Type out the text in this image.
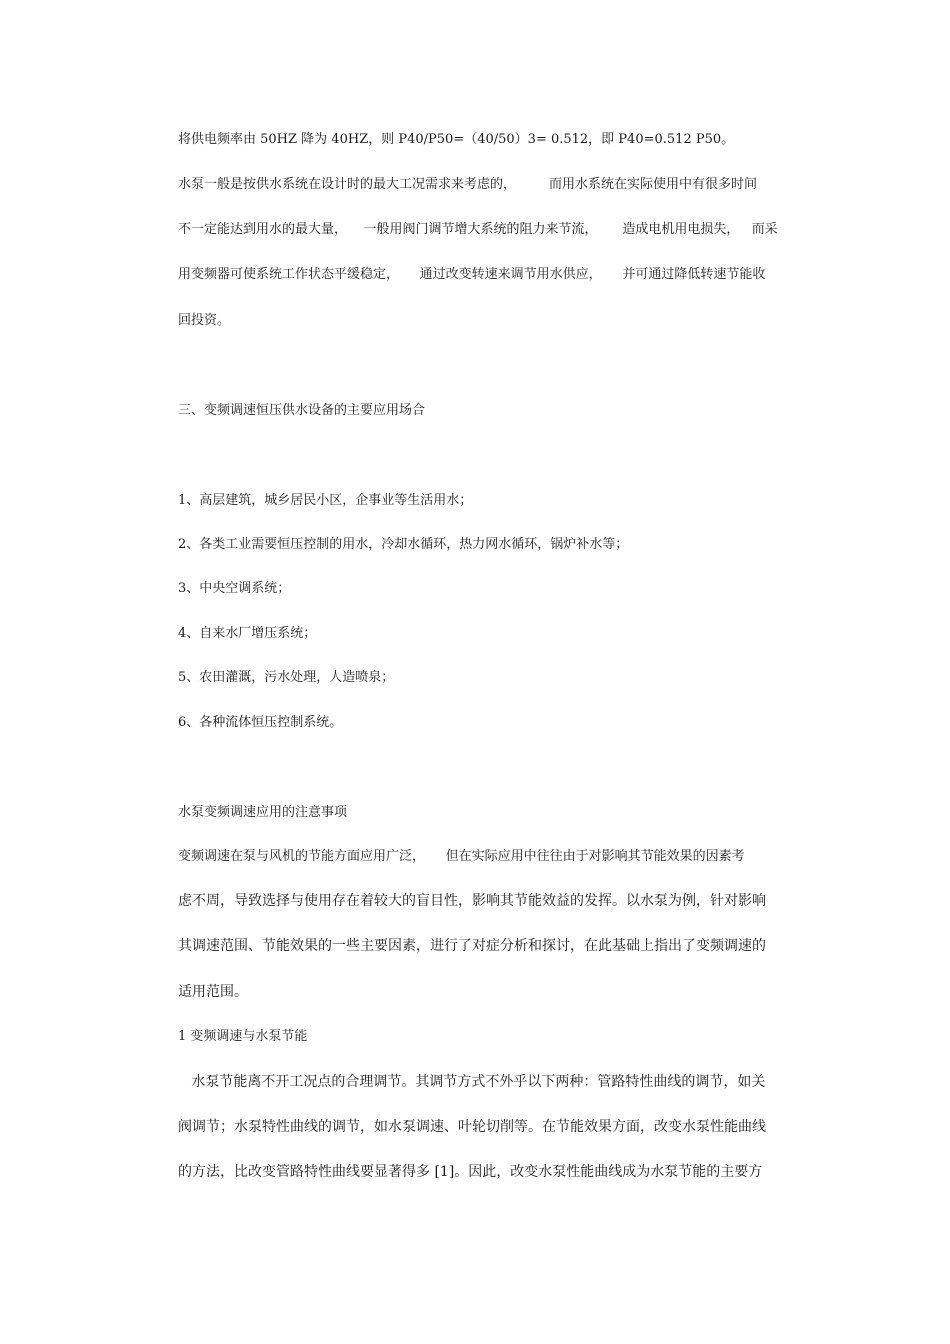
将供电频率由 50HZ 降为 40HZ，则 P40/P50=（40/50）3= 0.512，即 P40=0.512 P50。
水泵一般是按供水系统在设计时的最大工况需求来考虑的，        而用水系统在实际使用中有很多时间
不一定能达到用水的最大量，    一般用阀门调节增大系统的阻力来节流，      造成电机用电损失，   而采
用变频器可使系统工作状态平缓稳定，     通过改变转速来调节用水供应，     并可通过降低转速节能收
回投资。
三、变频调速恒压供水设备的主要应用场合
1、高层建筑，城乡居民小区，企事业等生活用水；
2、各类工业需要恒压控制的用水，冷却水循环，热力网水循环，锅炉补水等；
3、中央空调系统；
4、自来水厂增压系统；
5、农田灌溉，污水处理，人造喷泉；
6、各种流体恒压控制系统。
水泵变频调速应用的注意事项
变频调速在泵与风机的节能方面应用广泛，     但在实际应用中往往由于对影响其节能效果的因素考
虑不周，导致选择与使用存在着较大的盲目性，影响其节能效益的发挥。以水泵为例，针对影响
其调速范围、节能效果的一些主要因素，进行了对症分析和探讨，在此基础上指出了变频调速的
适用范围。
1 变频调速与水泵节能
水泵节能离不开工况点的合理调节。其调节方式不外乎以下两种：管路特性曲线的调节，如关
阀调节；水泵特性曲线的调节，如水泵调速、叶轮切削等。在节能效果方面，改变水泵性能曲线
的方法，比改变管路特性曲线要显著得多 [1]。因此，改变水泵性能曲线成为水泵节能的主要方
